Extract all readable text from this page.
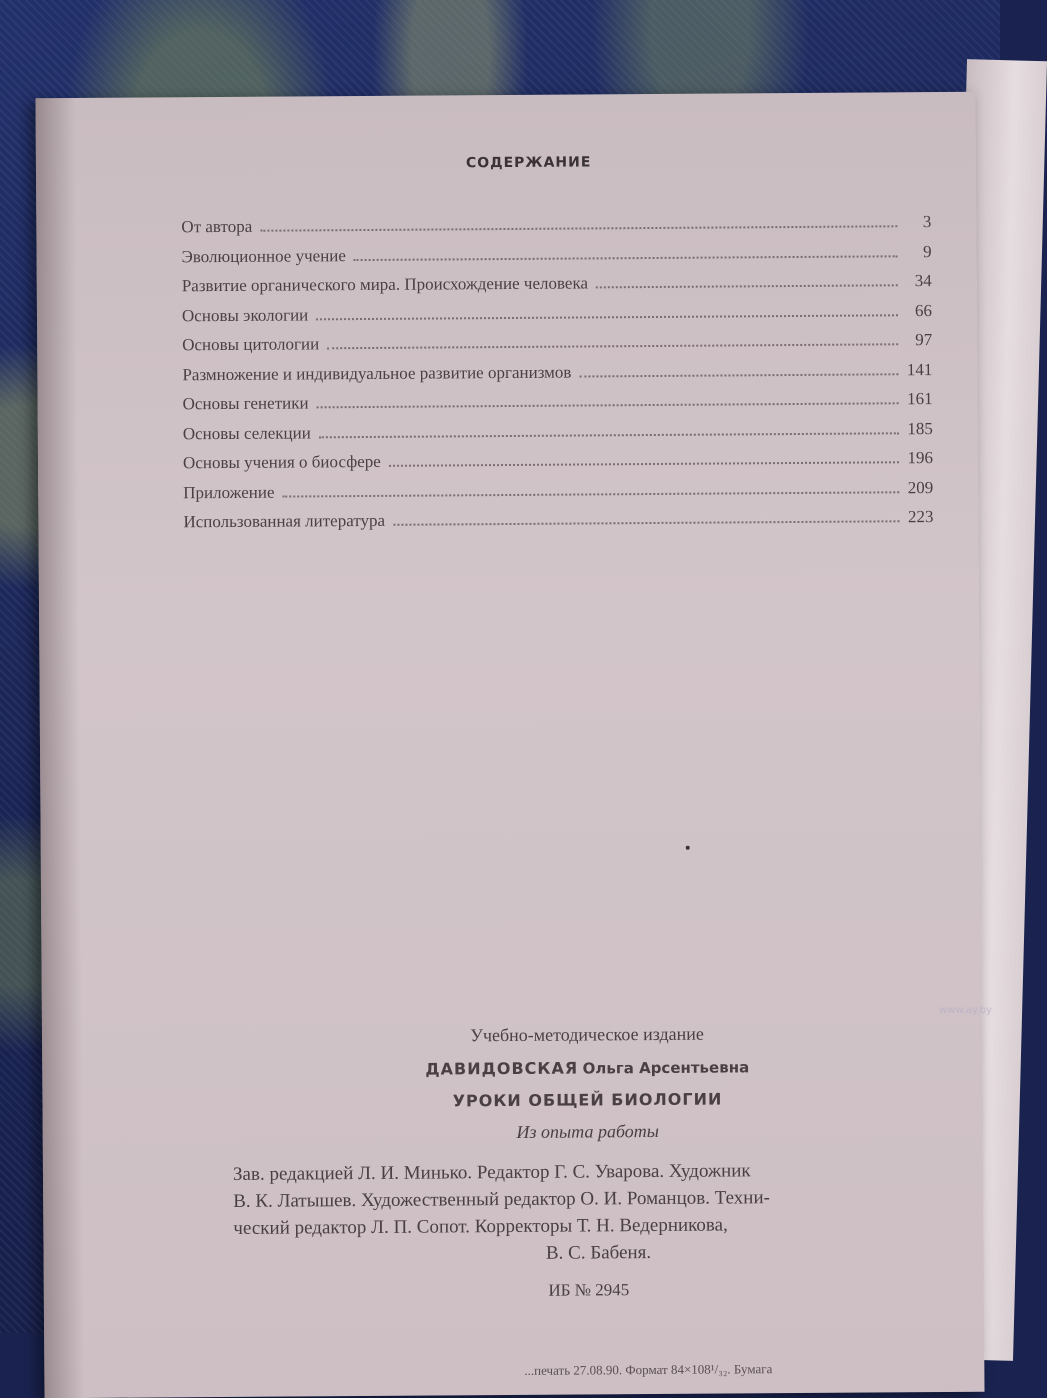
СОДЕРЖАНИЕ
От автора	3
Эволюционное учение	9
Развитие органического мира. Происхождение человека	34
Основы экологии	66
Основы цитологии	97
Размножение и индивидуальное развитие организмов	141
Основы генетики	161
Основы селекции	185
Основы учения о биосфере	196
Приложение	209
Использованная литература	223
Учебно-методическое издание
ДАВИДОВСКАЯ Ольга Арсентьевна
УРОКИ ОБЩЕЙ БИОЛОГИИ
Из опыта работы
Зав. редакцией Л. И. Минько. Редактор Г. С. Уварова. Художник
В. К. Латышев. Художественный редактор О. И. Романцов. Техни-
ческий редактор Л. П. Сопот. Корректоры Т. Н. Ведерникова,
В. С. Бабеня.
ИБ № 2945
...печать 27.08.90. Формат 84×108¹/₃₂. Бумага
www.ay.by
